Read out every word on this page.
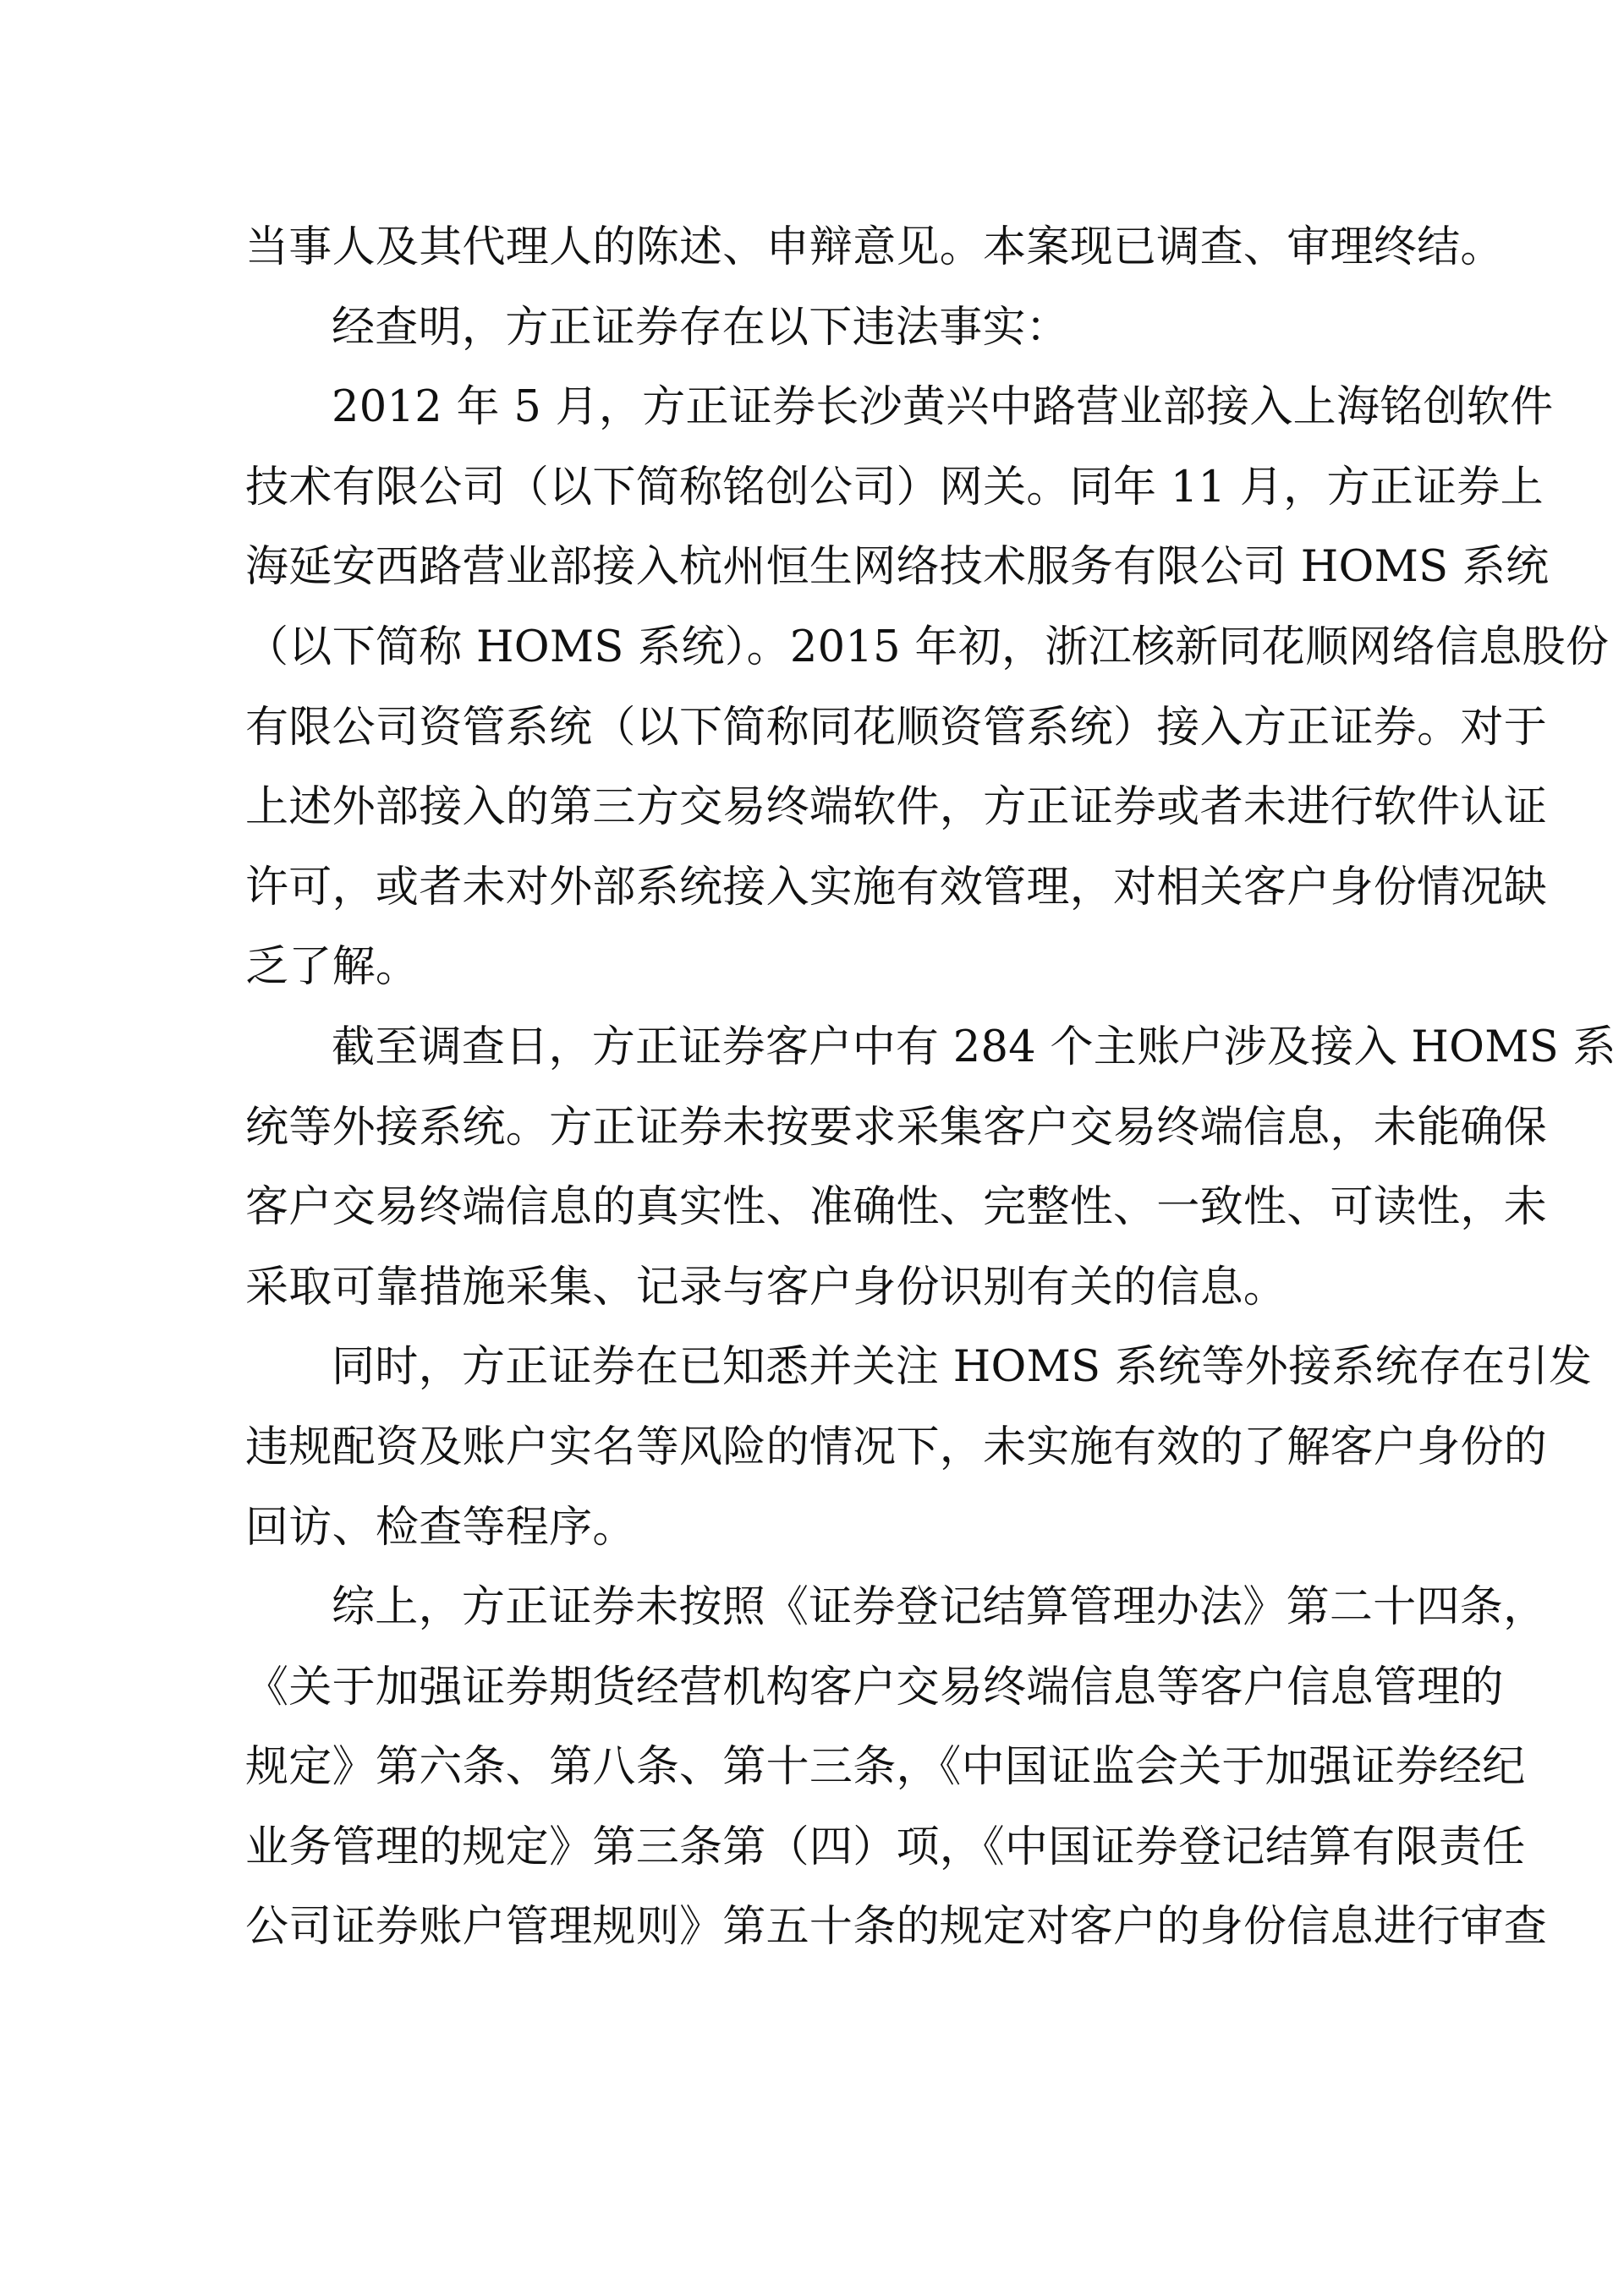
当事人及其代理人的陈述、申辩意见。本案现已调查、审理终结。
经查明，方正证券存在以下违法事实：
2012 年 5 月，方正证券长沙黄兴中路营业部接入上海铭创软件
技术有限公司（以下简称铭创公司）网关。同年 11 月，方正证券上
海延安西路营业部接入杭州恒生网络技术服务有限公司 HOMS 系统
（以下简称 HOMS 系统）。2015 年初，浙江核新同花顺网络信息股份
有限公司资管系统（以下简称同花顺资管系统）接入方正证券。对于
上述外部接入的第三方交易终端软件，方正证券或者未进行软件认证
许可，或者未对外部系统接入实施有效管理，对相关客户身份情况缺
乏了解。
截至调查日，方正证券客户中有 284 个主账户涉及接入 HOMS 系
统等外接系统。方正证券未按要求采集客户交易终端信息，未能确保
客户交易终端信息的真实性、准确性、完整性、一致性、可读性，未
采取可靠措施采集、记录与客户身份识别有关的信息。
同时，方正证券在已知悉并关注 HOMS 系统等外接系统存在引发
违规配资及账户实名等风险的情况下，未实施有效的了解客户身份的
回访、检查等程序。
综上，方正证券未按照《证券登记结算管理办法》第二十四条，
《关于加强证券期货经营机构客户交易终端信息等客户信息管理的
规定》第六条、第八条、第十三条，《中国证监会关于加强证券经纪
业务管理的规定》第三条第（四）项，《中国证券登记结算有限责任
公司证券账户管理规则》第五十条的规定对客户的身份信息进行审查
